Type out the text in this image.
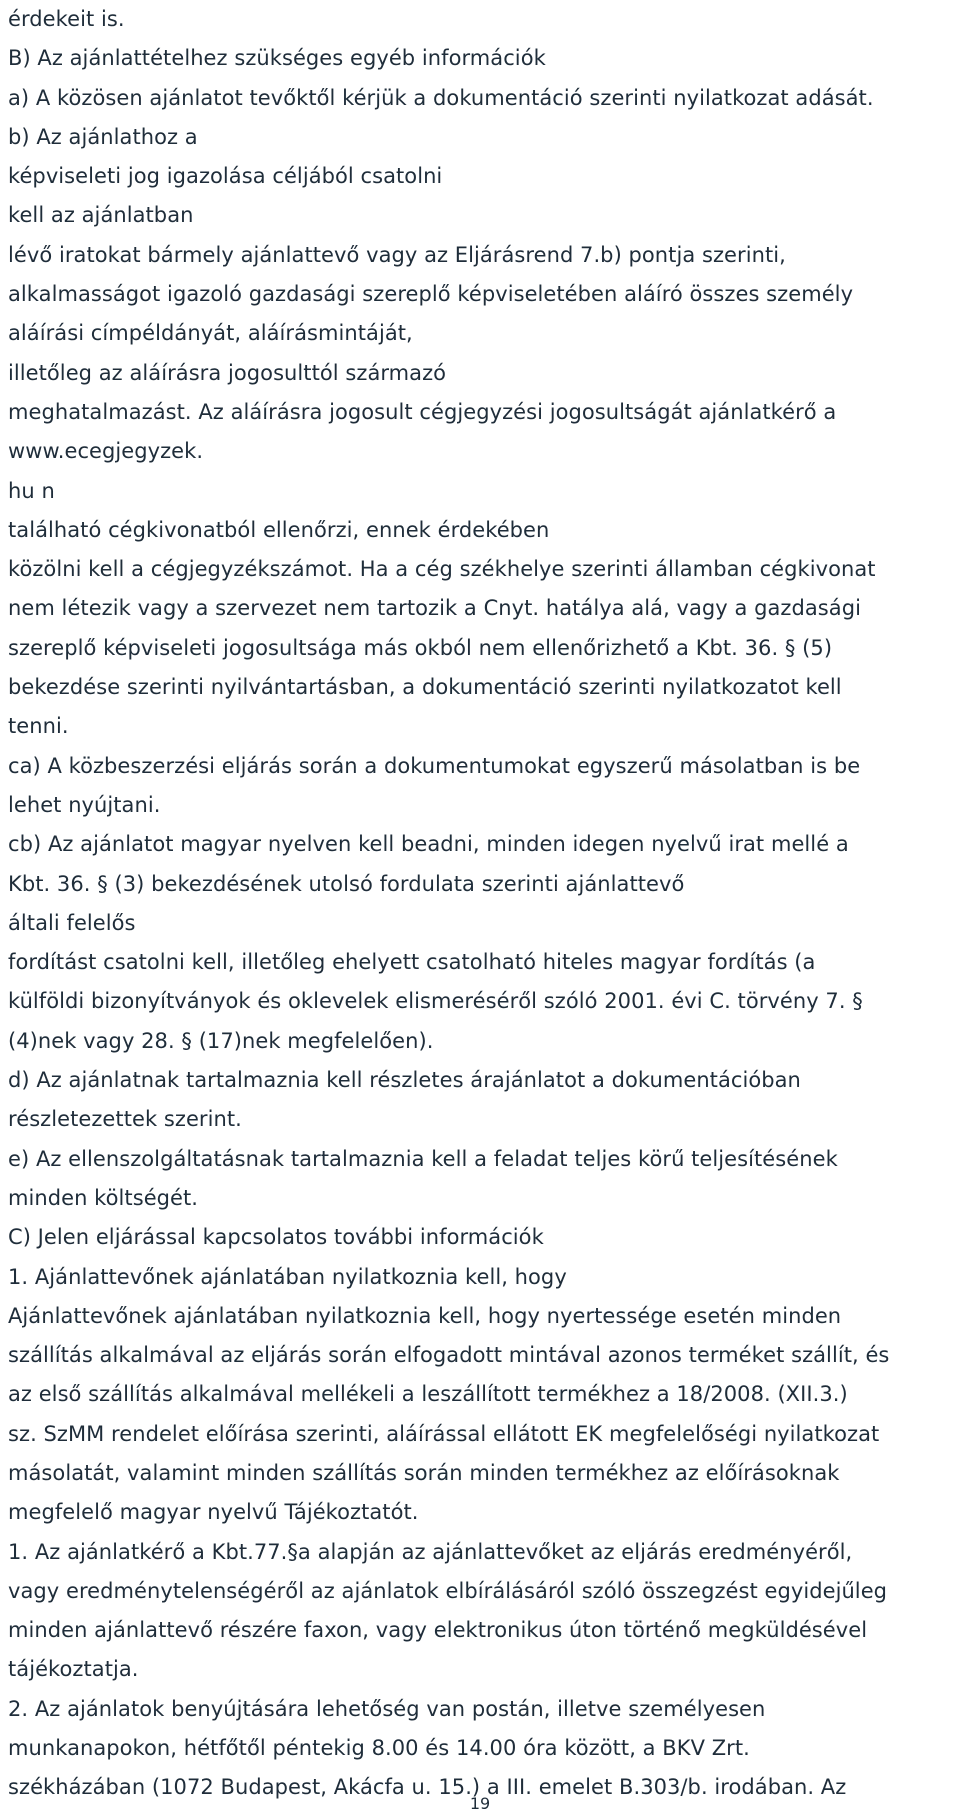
érdekeit is.
B) Az ajánlattételhez szükséges egyéb információk
a) A közösen ajánlatot tevőktől kérjük a dokumentáció szerinti nyilatkozat adását.
b) Az ajánlathoz a
képviseleti jog igazolása céljából csatolni
kell az ajánlatban
lévő iratokat bármely ajánlattevő vagy az Eljárásrend 7.b) pontja szerinti,
alkalmasságot igazoló gazdasági szereplő képviseletében aláíró összes személy
aláírási címpéldányát, aláírásmintáját,
illetőleg az aláírásra jogosulttól származó
meghatalmazást. Az aláírásra jogosult cégjegyzési jogosultságát ajánlatkérő a
www.ecegjegyzek.
hu n
található cégkivonatból ellenőrzi, ennek érdekében
közölni kell a cégjegyzékszámot. Ha a cég székhelye szerinti államban cégkivonat
nem létezik vagy a szervezet nem tartozik a Cnyt. hatálya alá, vagy a gazdasági
szereplő képviseleti jogosultsága más okból nem ellenőrizhető a Kbt. 36. § (5)
bekezdése szerinti nyilvántartásban, a dokumentáció szerinti nyilatkozatot kell
tenni.
ca) A közbeszerzési eljárás során a dokumentumokat egyszerű másolatban is be
lehet nyújtani.
cb) Az ajánlatot magyar nyelven kell beadni, minden idegen nyelvű irat mellé a
Kbt. 36. § (3) bekezdésének utolsó fordulata szerinti ajánlattevő
általi felelős
fordítást csatolni kell, illetőleg ehelyett csatolható hiteles magyar fordítás (a
külföldi bizonyítványok és oklevelek elismeréséről szóló 2001. évi C. törvény 7. §
(4)nek vagy 28. § (17)nek megfelelően).
d) Az ajánlatnak tartalmaznia kell részletes árajánlatot a dokumentációban
részletezettek szerint.
e) Az ellenszolgáltatásnak tartalmaznia kell a feladat teljes körű teljesítésének
minden költségét.
C) Jelen eljárással kapcsolatos további információk
1. Ajánlattevőnek ajánlatában nyilatkoznia kell, hogy
Ajánlattevőnek ajánlatában nyilatkoznia kell, hogy nyertessége esetén minden
szállítás alkalmával az eljárás során elfogadott mintával azonos terméket szállít, és
az első szállítás alkalmával mellékeli a leszállított termékhez a 18/2008. (XII.3.)
sz. SzMM rendelet előírása szerinti, aláírással ellátott EK megfelelőségi nyilatkozat
másolatát, valamint minden szállítás során minden termékhez az előírásoknak
megfelelő magyar nyelvű Tájékoztatót.
1. Az ajánlatkérő a Kbt.77.§a alapján az ajánlattevőket az eljárás eredményéről,
vagy eredménytelenségéről az ajánlatok elbírálásáról szóló összegzést egyidejűleg
minden ajánlattevő részére faxon, vagy elektronikus úton történő megküldésével
tájékoztatja.
2. Az ajánlatok benyújtására lehetőség van postán, illetve személyesen
munkanapokon, hétfőtől péntekig 8.00 és 14.00 óra között, a BKV Zrt.
székházában (1072 Budapest, Akácfa u. 15.) a III. emelet B.303/b. irodában. Az
19
